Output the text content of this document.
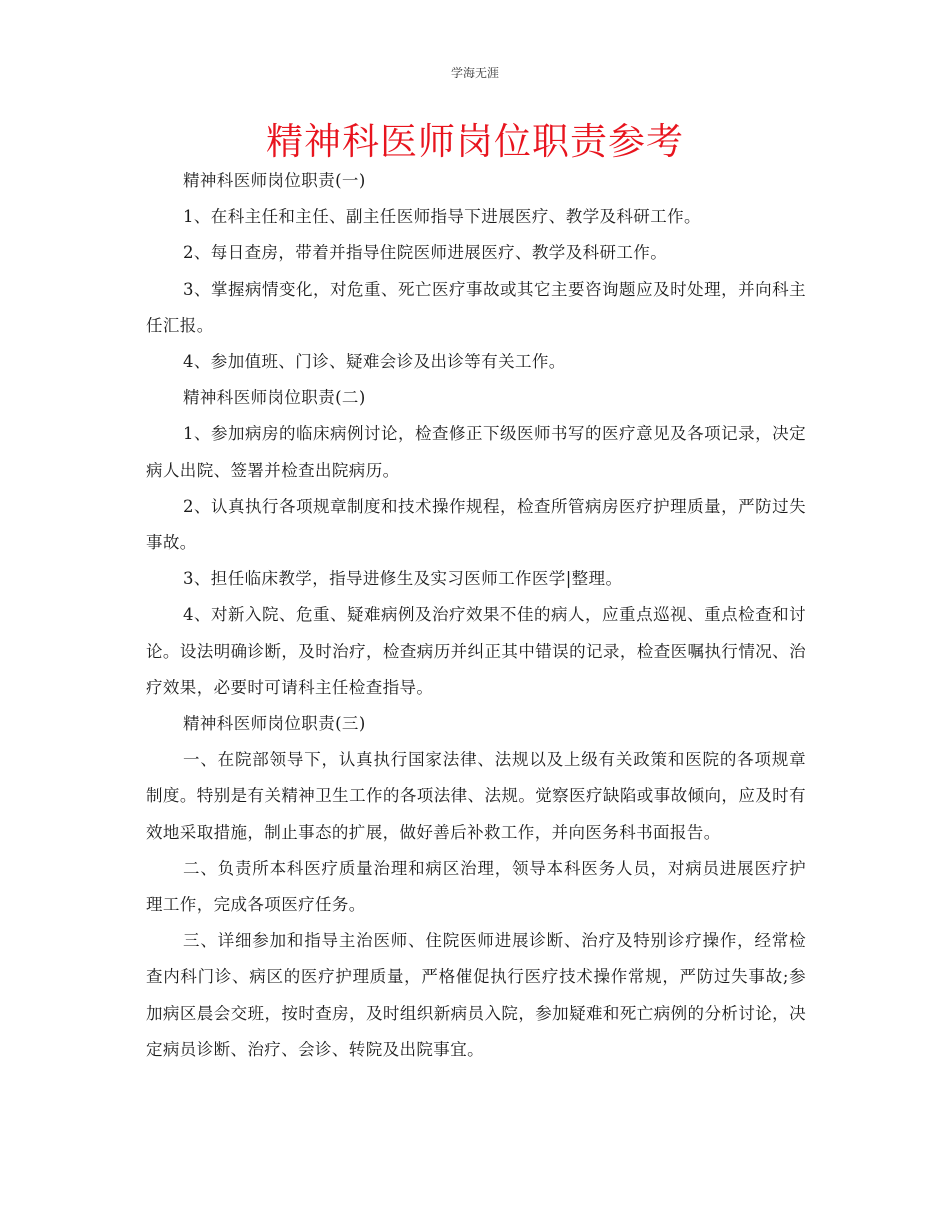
学海无涯
精神科医师岗位职责参考

精神科医师岗位职责(一)

1、在科主任和主任、副主任医师指导下进展医疗、教学及科研工作。

2、每日查房，带着并指导住院医师进展医疗、教学及科研工作。

3、掌握病情变化，对危重、死亡医疗事故或其它主要咨询题应及时处理，并向科主任汇报。

4、参加值班、门诊、疑难会诊及出诊等有关工作。

精神科医师岗位职责(二)

1、参加病房的临床病例讨论，检查修正下级医师书写的医疗意见及各项记录，决定病人出院、签署并检查出院病历。

2、认真执行各项规章制度和技术操作规程，检查所管病房医疗护理质量，严防过失事故。

3、担任临床教学，指导进修生及实习医师工作医学|整理。

4、对新入院、危重、疑难病例及治疗效果不佳的病人，应重点巡视、重点检查和讨论。设法明确诊断，及时治疗，检查病历并纠正其中错误的记录，检查医嘱执行情况、治疗效果，必要时可请科主任检查指导。

精神科医师岗位职责(三)

一、在院部领导下，认真执行国家法律、法规以及上级有关政策和医院的各项规章制度。特别是有关精神卫生工作的各项法律、法规。觉察医疗缺陷或事故倾向，应及时有效地采取措施，制止事态的扩展，做好善后补救工作，并向医务科书面报告。

二、负责所本科医疗质量治理和病区治理，领导本科医务人员，对病员进展医疗护理工作，完成各项医疗任务。

三、详细参加和指导主治医师、住院医师进展诊断、治疗及特别诊疗操作，经常检查内科门诊、病区的医疗护理质量，严格催促执行医疗技术操作常规，严防过失事故;参加病区晨会交班，按时查房，及时组织新病员入院，参加疑难和死亡病例的分析讨论，决定病员诊断、治疗、会诊、转院及出院事宜。
